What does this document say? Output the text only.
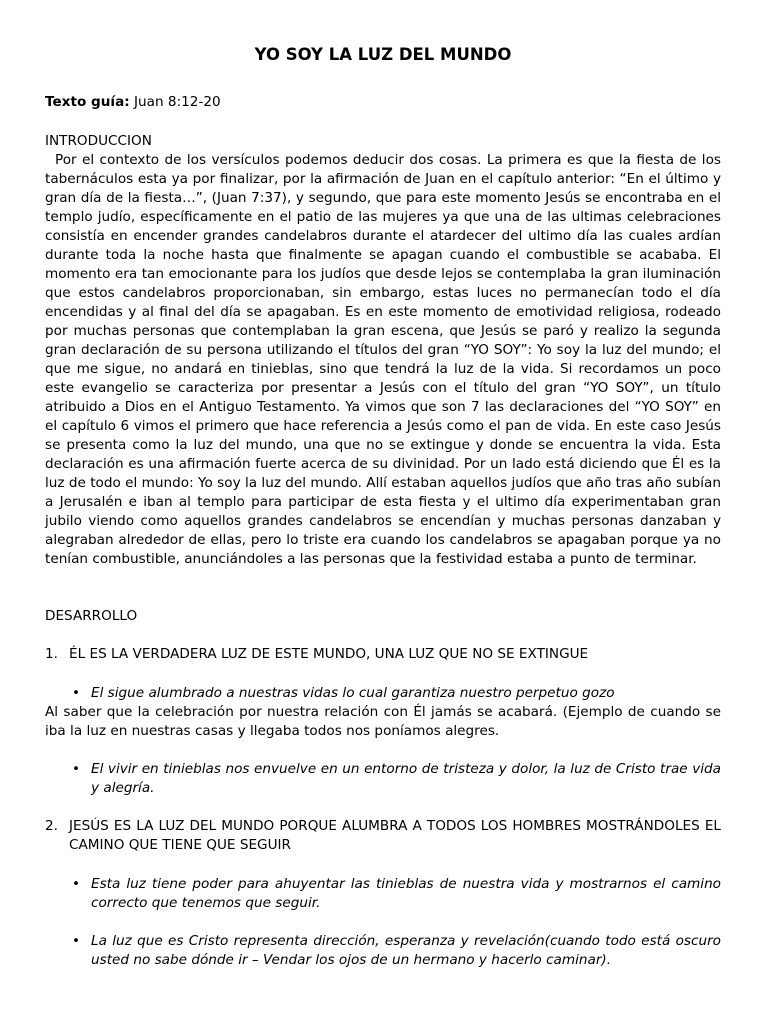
YO SOY LA LUZ DEL MUNDO
Texto guía: Juan 8:12-20
INTRODUCCION
Por el contexto de los versículos podemos deducir dos cosas. La primera es que la fiesta de los tabernáculos esta ya por finalizar, por la afirmación de Juan en el capítulo anterior: “En el último y gran día de la fiesta…”, (Juan 7:37), y segundo, que para este momento Jesús se encontraba en el templo judío, específicamente en el patio de las mujeres ya que una de las ultimas celebraciones consistía en encender grandes candelabros durante el atardecer del ultimo día las cuales ardían durante toda la noche hasta que finalmente se apagan cuando el combustible se acababa. El momento era tan emocionante para los judíos que desde lejos se contemplaba la gran iluminación que estos candelabros proporcionaban, sin embargo, estas luces no permanecían todo el día encendidas y al final del día se apagaban. Es en este momento de emotividad religiosa, rodeado por muchas personas que contemplaban la gran escena, que Jesús se paró y realizo la segunda gran declaración de su persona utilizando el títulos del gran “YO SOY”: Yo soy la luz del mundo; el que me sigue, no andará en tinieblas, sino que tendrá la luz de la vida. Si recordamos un poco este evangelio se caracteriza por presentar a Jesús con el título del gran “YO SOY”, un título atribuido a Dios en el Antiguo Testamento. Ya vimos que son 7 las declaraciones del “YO SOY” en el capítulo 6 vimos el primero que hace referencia a Jesús como el pan de vida. En este caso Jesús se presenta como la luz del mundo, una que no se extingue y donde se encuentra la vida. Esta declaración es una afirmación fuerte acerca de su divinidad. Por un lado está diciendo que Él es la luz de todo el mundo: Yo soy la luz del mundo. Allí estaban aquellos judíos que año tras año subían a Jerusalén e iban al templo para participar de esta fiesta y el ultimo día experimentaban gran jubilo viendo como aquellos grandes candelabros se encendían y muchas personas danzaban y alegraban alrededor de ellas, pero lo triste era cuando los candelabros se apagaban porque ya no tenían combustible, anunciándoles a las personas que la festividad estaba a punto de terminar.
DESARROLLO
1. ÉL ES LA VERDADERA LUZ DE ESTE MUNDO, UNA LUZ QUE NO SE EXTINGUE
• El sigue alumbrado a nuestras vidas lo cual garantiza nuestro perpetuo gozo
Al saber que la celebración por nuestra relación con Él jamás se acabará. (Ejemplo de cuando se iba la luz en nuestras casas y llegaba todos nos poníamos alegres.
• El vivir en tinieblas nos envuelve en un entorno de tristeza y dolor, la luz de Cristo trae vida y alegría.
2. JESÚS ES LA LUZ DEL MUNDO PORQUE ALUMBRA A TODOS LOS HOMBRES MOSTRÁNDOLES EL CAMINO QUE TIENE QUE SEGUIR
• Esta luz tiene poder para ahuyentar las tinieblas de nuestra vida y mostrarnos el camino correcto que tenemos que seguir.
• La luz que es Cristo representa dirección, esperanza y revelación(cuando todo está oscuro usted no sabe dónde ir – Vendar los ojos de un hermano y hacerlo caminar).
